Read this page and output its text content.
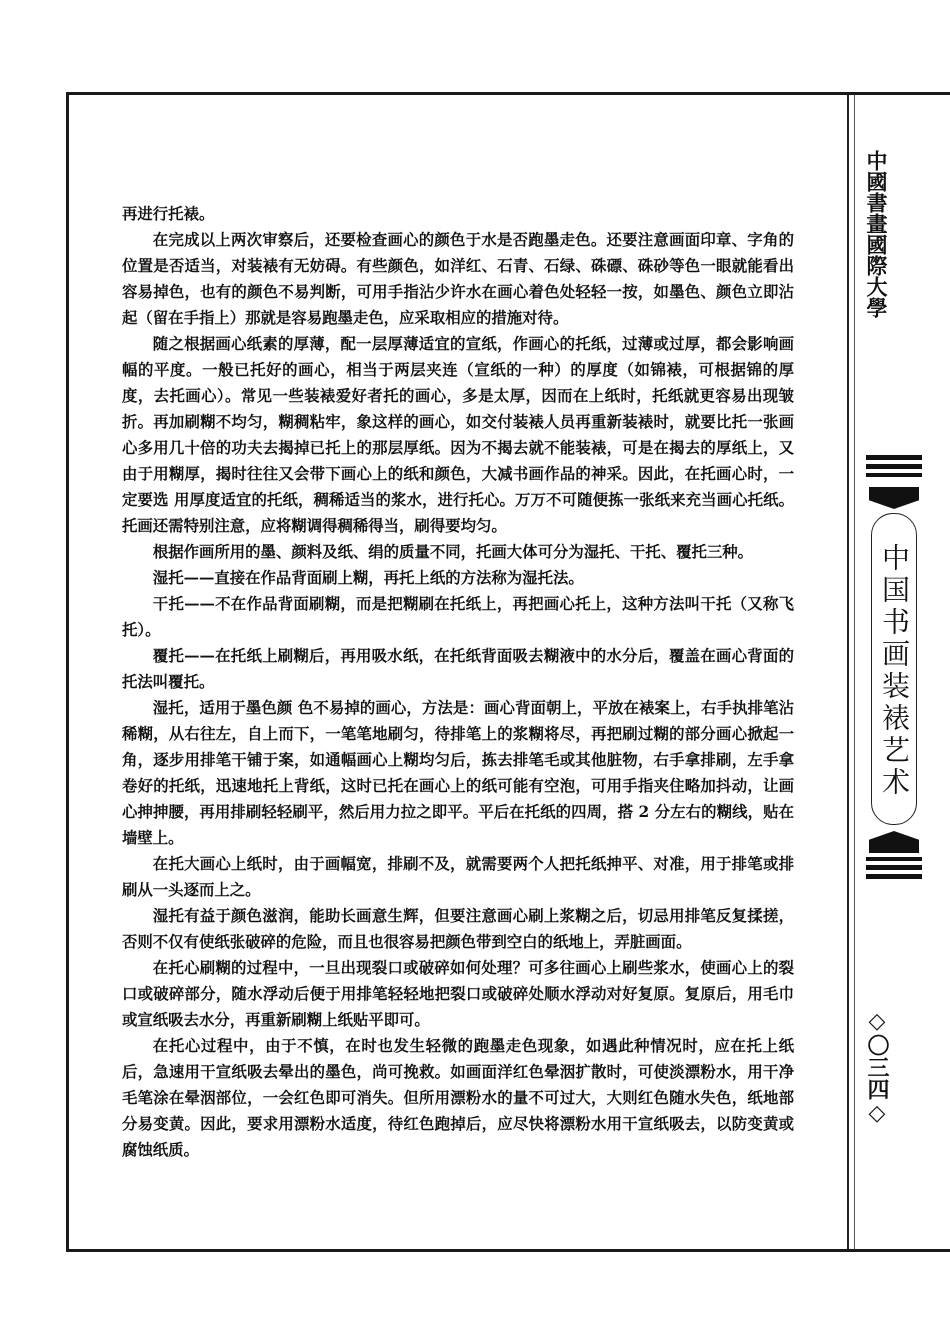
再进行托裱。

在完成以上两次审察后，还要检查画心的颜色于水是否跑墨走色。还要注意画面印章、字角的位置是否适当，对装裱有无妨碍。有些颜色，如洋红、石青、石绿、硃磦、硃砂等色一眼就能看出容易掉色，也有的颜色不易判断，可用手指沾少许水在画心着色处轻轻一按，如墨色、颜色立即沾起（留在手指上）那就是容易跑墨走色，应采取相应的措施对待。

随之根据画心纸素的厚薄，配一层厚薄适宜的宣纸，作画心的托纸，过薄或过厚，都会影响画幅的平度。一般已托好的画心，相当于两层夹连（宣纸的一种）的厚度（如锦裱，可根据锦的厚度，去托画心）。常见一些装裱爱好者托的画心，多是太厚，因而在上纸时，托纸就更容易出现皱折。再加刷糊不均匀，糊稠粘牢，象这样的画心，如交付装裱人员再重新装裱时，就要比托一张画心多用几十倍的功夫去揭掉已托上的那层厚纸。因为不揭去就不能装裱，可是在揭去的厚纸上，又由于用糊厚，揭时往往又会带下画心上的纸和颜色，大减书画作品的神采。因此，在托画心时，一定要选 用厚度适宜的托纸，稠稀适当的浆水，进行托心。万万不可随便拣一张纸来充当画心托纸。托画还需特别注意，应将糊调得稠稀得当，刷得要均匀。

根据作画所用的墨、颜料及纸、绢的质量不同，托画大体可分为湿托、干托、覆托三种。

湿托——直接在作品背面刷上糊，再托上纸的方法称为湿托法。

干托——不在作品背面刷糊，而是把糊刷在托纸上，再把画心托上，这种方法叫干托（又称飞托）。

覆托——在托纸上刷糊后，再用吸水纸，在托纸背面吸去糊液中的水分后，覆盖在画心背面的托法叫覆托。

湿托，适用于墨色颜 色不易掉的画心，方法是：画心背面朝上，平放在裱案上，右手执排笔沾稀糊，从右往左，自上而下，一笔笔地刷匀，待排笔上的浆糊将尽，再把刷过糊的部分画心掀起一角，逐步用排笔干铺于案，如通幅画心上糊均匀后，拣去排笔毛或其他脏物，右手拿排刷，左手拿卷好的托纸，迅速地托上背纸，这时已托在画心上的纸可能有空泡，可用手指夹住略加抖动，让画心抻抻腰，再用排刷轻轻刷平，然后用力拉之即平。平后在托纸的四周，搭 2 分左右的糊线，贴在墙壁上。

在托大画心上纸时，由于画幅宽，排刷不及，就需要两个人把托纸抻平、对准，用于排笔或排刷从一头逐而上之。

湿托有益于颜色滋润，能助长画意生辉，但要注意画心刷上浆糊之后，切忌用排笔反复揉搓，否则不仅有使纸张破碎的危险，而且也很容易把颜色带到空白的纸地上，弄脏画面。

在托心刷糊的过程中，一旦出现裂口或破碎如何处理？可多往画心上刷些浆水，使画心上的裂口或破碎部分，随水浮动后便于用排笔轻轻地把裂口或破碎处顺水浮动对好复原。复原后，用毛巾或宣纸吸去水分，再重新刷糊上纸贴平即可。

在托心过程中，由于不慎，在时也发生轻微的跑墨走色现象，如遇此种情况时，应在托上纸后，急速用干宣纸吸去晕出的墨色，尚可挽救。如画面洋红色晕洇扩散时，可使淡漂粉水，用干净毛笔涂在晕洇部位，一会红色即可消失。但所用漂粉水的量不可过大，大则红色随水失色，纸地部分易变黄。因此，要求用漂粉水适度，待红色跑掉后，应尽快将漂粉水用干宣纸吸去，以防变黄或腐蚀纸质。

中國書畫國際大學
中国书画装裱艺术
◇〇三四◇
